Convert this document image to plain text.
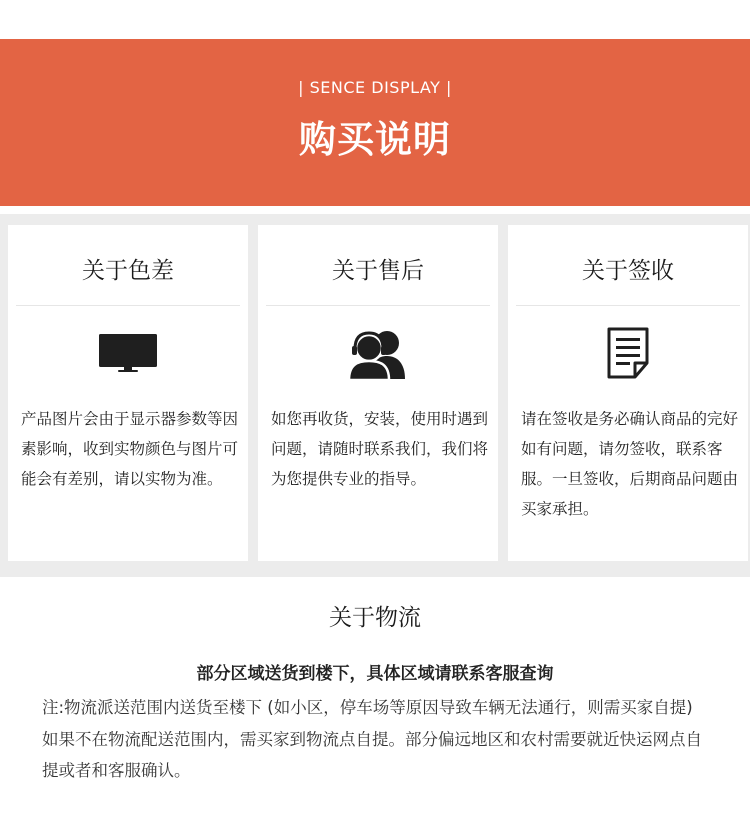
| SENCE DISPLAY |
购买说明
关于色差
产品图片会由于显示器参数等因素影响，收到实物颜色与图片可能会有差别，请以实物为准。
关于售后
如您再收货，安装，使用时遇到问题，请随时联系我们，我们将为您提供专业的指导。
关于签收
请在签收是务必确认商品的完好如有问题，请勿签收，联系客服。一旦签收，后期商品问题由买家承担。
关于物流
部分区域送货到楼下，具体区域请联系客服查询
注:物流派送范围内送货至楼下 (如小区，停车场等原因导致车辆无法通行，则需买家自提) 如果不在物流配送范围内，需买家到物流点自提。部分偏远地区和农村需要就近快运网点自提或者和客服确认。
